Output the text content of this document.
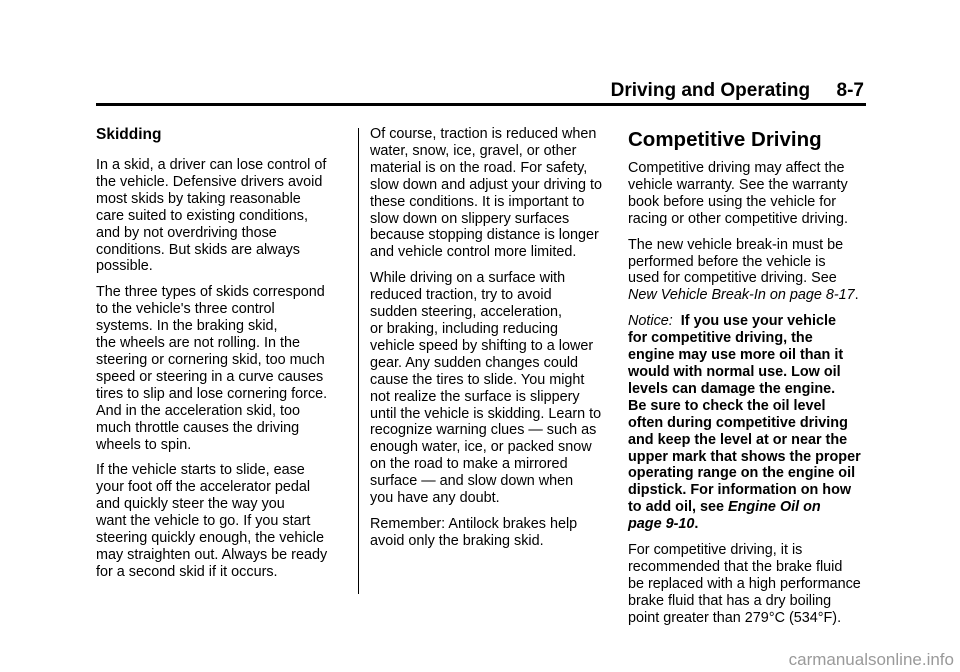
Driving and Operating 8-7
Skidding

In a skid, a driver can lose control of
the vehicle. Defensive drivers avoid
most skids by taking reasonable
care suited to existing conditions,
and by not overdriving those
conditions. But skids are always
possible.

The three types of skids correspond
to the vehicle's three control
systems. In the braking skid,
the wheels are not rolling. In the
steering or cornering skid, too much
speed or steering in a curve causes
tires to slip and lose cornering force.
And in the acceleration skid, too
much throttle causes the driving
wheels to spin.

If the vehicle starts to slide, ease
your foot off the accelerator pedal
and quickly steer the way you
want the vehicle to go. If you start
steering quickly enough, the vehicle
may straighten out. Always be ready
for a second skid if it occurs.

Of course, traction is reduced when
water, snow, ice, gravel, or other
material is on the road. For safety,
slow down and adjust your driving to
these conditions. It is important to
slow down on slippery surfaces
because stopping distance is longer
and vehicle control more limited.

While driving on a surface with
reduced traction, try to avoid
sudden steering, acceleration,
or braking, including reducing
vehicle speed by shifting to a lower
gear. Any sudden changes could
cause the tires to slide. You might
not realize the surface is slippery
until the vehicle is skidding. Learn to
recognize warning clues — such as
enough water, ice, or packed snow
on the road to make a mirrored
surface — and slow down when
you have any doubt.

Remember: Antilock brakes help
avoid only the braking skid.

Competitive Driving

Competitive driving may affect the
vehicle warranty. See the warranty
book before using the vehicle for
racing or other competitive driving.

The new vehicle break-in must be
performed before the vehicle is
used for competitive driving. See
New Vehicle Break-In on page 8-17.

Notice: If you use your vehicle
for competitive driving, the
engine may use more oil than it
would with normal use. Low oil
levels can damage the engine.
Be sure to check the oil level
often during competitive driving
and keep the level at or near the
upper mark that shows the proper
operating range on the engine oil
dipstick. For information on how
to add oil, see Engine Oil on
page 9-10.

For competitive driving, it is
recommended that the brake fluid
be replaced with a high performance
brake fluid that has a dry boiling
point greater than 279°C (534°F).

carmanualsonline.info
